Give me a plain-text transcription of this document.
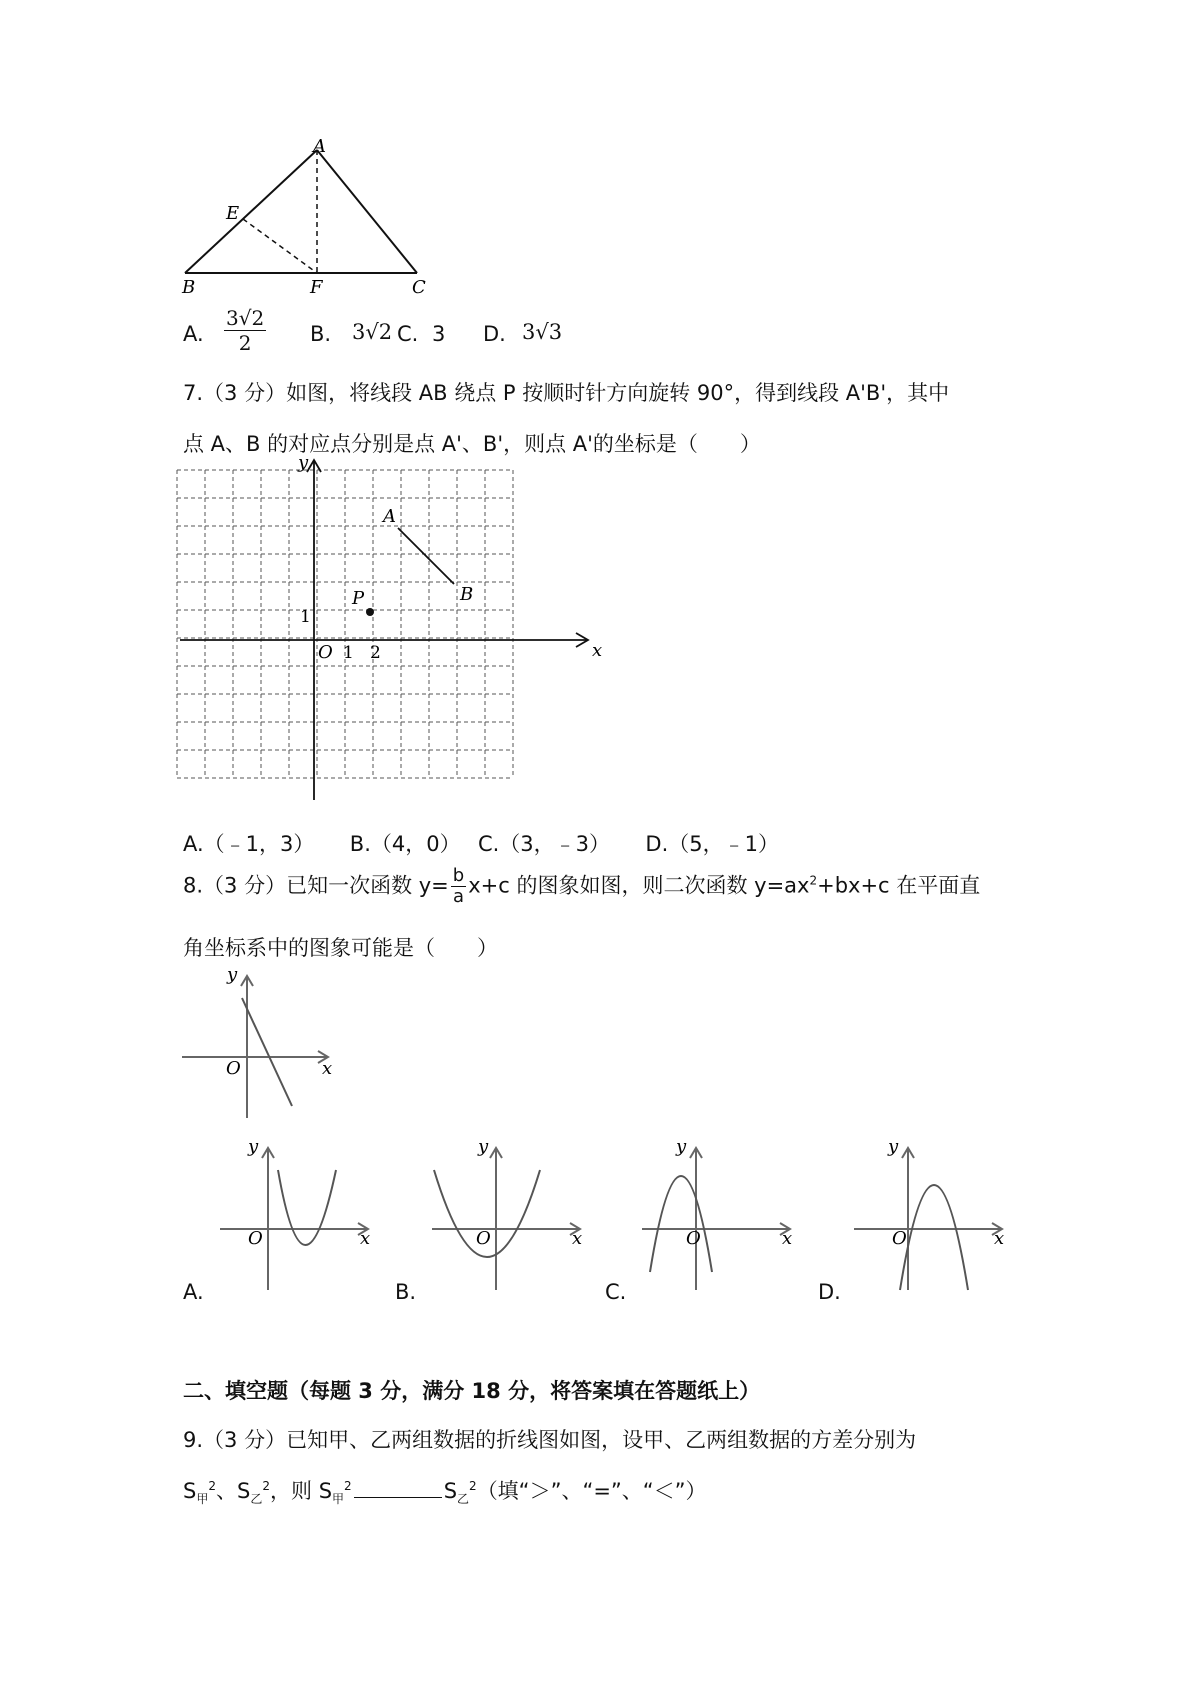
A
E
B	F	C
A. $\frac{3√2}{2} B$. 3√2 C. 3 D. 3√3
7.（3 分）如图，将线段 AB 绕点 P 按顺时针方向旋转 90°，得到线段 A'B'，其中
点 A、B 的对应点分别是点 A'、B'，则点 A'的坐标是（　　）
y
x
O 1 2
1
A
B
P
A.（﹣1，3） B.（4，0） C.（3，﹣3） D.（5，﹣1）
8.（3 分）已知一次函数 $y= \frac{b}{a} x+c$ 的图象如图，则二次函数 $y=ax^2+bx+c$ 在平面直
角坐标系中的图象可能是（　　）
y
O	x
y
O	x
y
O	x
y
O	x
y
O	x
A.	B.	C.	D.
二、填空题（每题 3 分，满分 18 分，将答案填在答题纸上）
9.（3 分）已知甲、乙两组数据的折线图如图，设甲、乙两组数据的方差分别为
$S_甲^2$、$S_乙^2$，则 $S_甲^2$	$S_乙^2$（填“＞”、“=”、“＜”）
